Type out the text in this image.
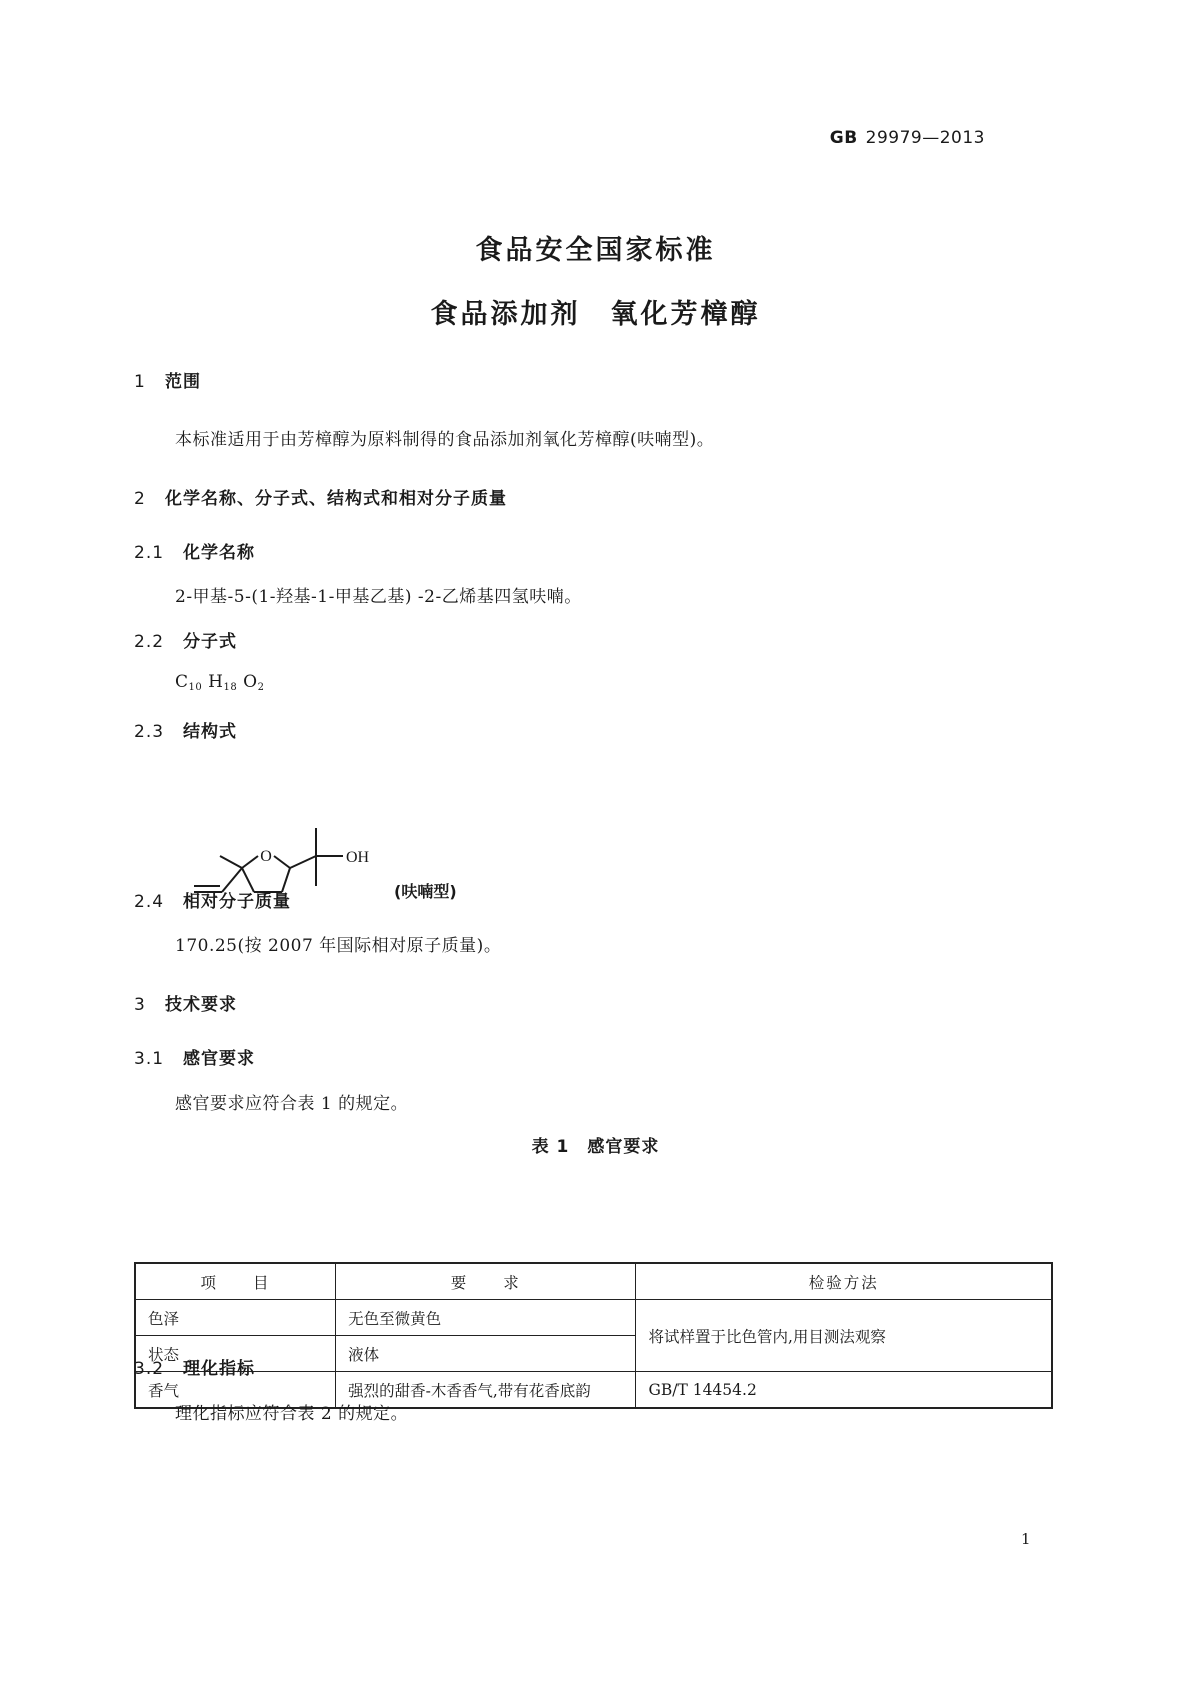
GB 29979—2013
食品安全国家标准
食品添加剂　氧化芳樟醇
1 范围
本标准适用于由芳樟醇为原料制得的食品添加剂氧化芳樟醇(呋喃型)。
2 化学名称、分子式、结构式和相对分子质量
2.1 化学名称
2-甲基-5-(1-羟基-1-甲基乙基) -2-乙烯基四氢呋喃。
2.2 分子式
$C_{10}$ $H_{18}$ $O_2$
2.3 结构式
O	OH
(呋喃型)
2.4 相对分子质量
170.25(按 2007 年国际相对原子质量)。
3 技术要求
3.1 感官要求
感官要求应符合表 1 的规定。
表 1　感官要求
项　　目	要　　求	检验方法
色泽	无色至微黄色	将试样置于比色管内,用目测法观察
状态	液体	
香气	强烈的甜香-木香香气,带有花香底韵	GB/T 14454.2
3.2 理化指标
理化指标应符合表 2 的规定。
1
